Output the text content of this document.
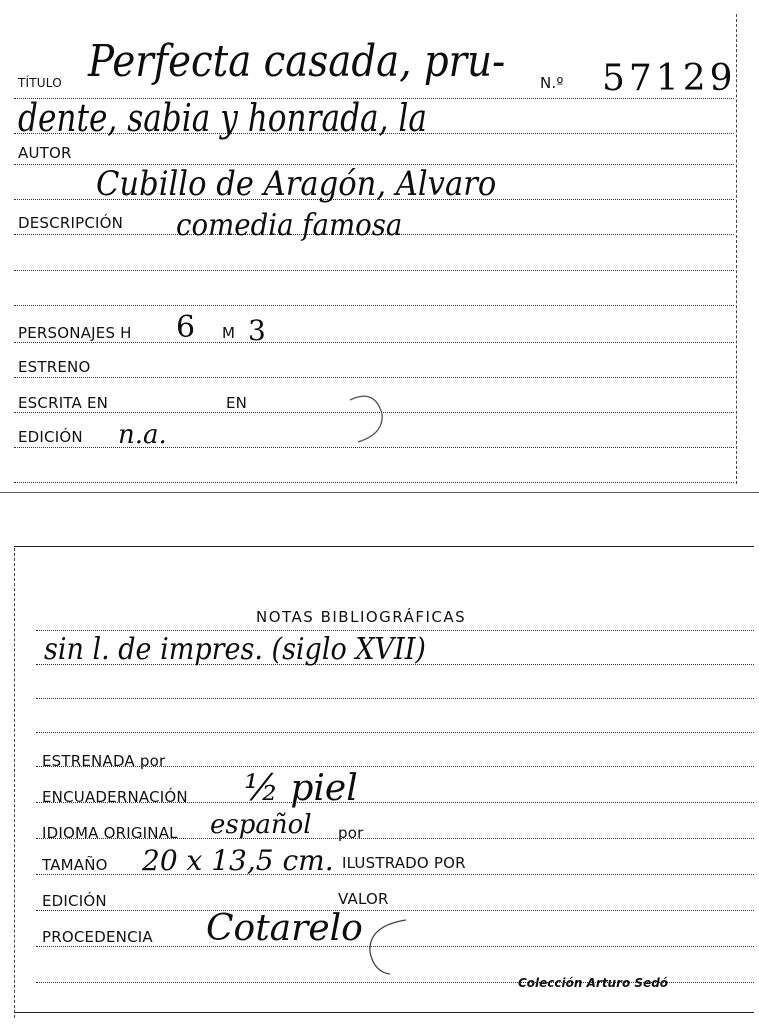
TÍTULO Perfecta casada, pru- N.º 57129
dente, sabia y honrada, la
AUTOR
Cubillo de Aragón, Alvaro
DESCRIPCIÓN comedia famosa
PERSONAJES H 6 M 3
ESTRENO
ESCRITA EN	EN
EDICIÓN n.a.
NOTAS BIBLIOGRÁFICAS
sin l. de impres. (siglo XVII)
ESTRENADA por
ENCUADERNACIÓN ½ piel
IDIOMA ORIGINAL español por
TAMAÑO 20 x 13,5 cm. ILUSTRADO POR
EDICIÓN	VALOR
PROCEDENCIA Cotarelo
Colección Arturo Sedó
